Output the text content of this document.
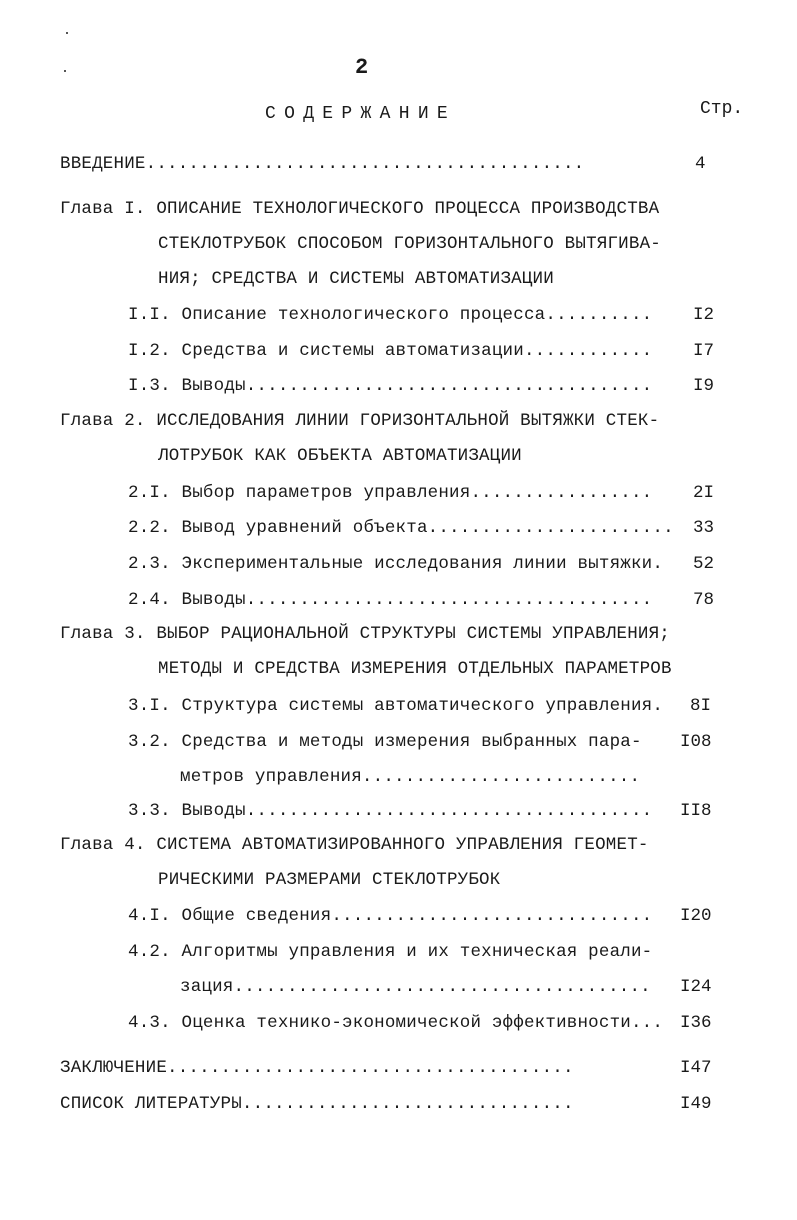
2
СОДЕРЖАНИЕ	Стр.
ВВЕДЕНИЕ.........................................	4
Глава I. ОПИСАНИЕ ТЕХНОЛОГИЧЕСКОГО ПРОЦЕССА ПРОИЗВОДСТВА
СТЕКЛОТРУБОК СПОСОБОМ ГОРИЗОНТАЛЬНОГО ВЫТЯГИВА-
НИЯ; СРЕДСТВА И СИСТЕМЫ АВТОМАТИЗАЦИИ
I.I. Описание технологического процесса.......... I2
I.2. Средства и системы автоматизации............ I7
I.3. Выводы...................................... I9
Глава 2. ИССЛЕДОВАНИЯ ЛИНИИ ГОРИЗОНТАЛЬНОЙ ВЫТЯЖКИ СТЕК-
ЛОТРУБОК КАК ОБЪЕКТА АВТОМАТИЗАЦИИ
2.I. Выбор параметров управления................. 2I
2.2. Вывод уравнений объекта....................... 33
2.3. Экспериментальные исследования линии вытяжки. 52
2.4. Выводы...................................... 78
Глава 3. ВЫБОР РАЦИОНАЛЬНОЙ СТРУКТУРЫ СИСТЕМЫ УПРАВЛЕНИЯ;
МЕТОДЫ И СРЕДСТВА ИЗМЕРЕНИЯ ОТДЕЛЬНЫХ ПАРАМЕТРОВ
3.I. Структура системы автоматического управления. 8I
3.2. Средства и методы измерения выбранных пара- I08
метров управления..........................
3.3. Выводы...................................... II8
Глава 4. СИСТЕМА АВТОМАТИЗИРОВАННОГО УПРАВЛЕНИЯ ГЕОМЕТ-
РИЧЕСКИМИ РАЗМЕРАМИ СТЕКЛОТРУБОК
4.I. Общие сведения.............................. I20
4.2. Алгоритмы управления и их техническая реали-
зация....................................... I24
4.3. Оценка технико-экономической эффективности... I36
ЗАКЛЮЧЕНИЕ......................................	I47
СПИСОК ЛИТЕРАТУРЫ...............................	I49
